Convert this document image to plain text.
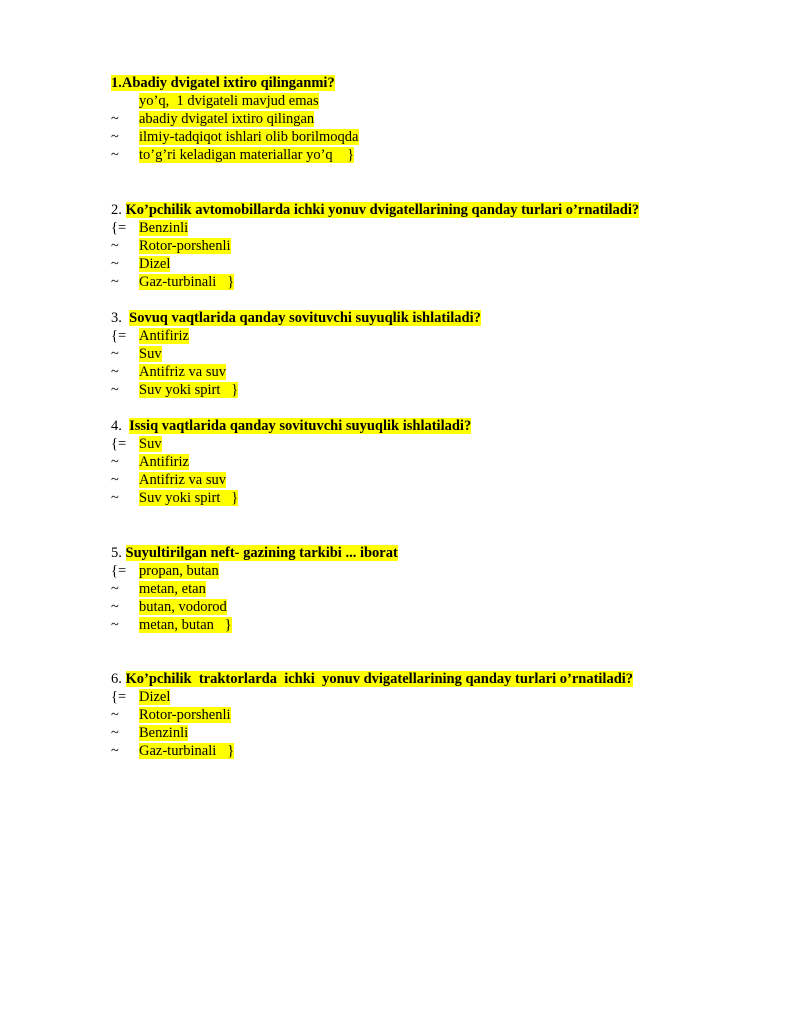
1.Abadiy dvigatel ixtiro qilinganmi?
yo’q,  1 dvigateli mavjud emas
~ abadiy dvigatel ixtiro qilingan
~ ilmiy-tadqiqot ishlari olib borilmoqda
~ to’g’ri keladigan materiallar yo’q    }
2. Ko’pchilik avtomobillarda ichki yonuv dvigatellarining qanday turlari o’rnatiladi?
{= Benzinli
~ Rotor-porshenli
~ Dizel
~ Gaz-turbinali   }
3.  Sovuq vaqtlarida qanday sovituvchi suyuqlik ishlatiladi?
{= Antifiriz
~ Suv
~ Antifriz va suv
~ Suv yoki spirt   }
4.  Issiq vaqtlarida qanday sovituvchi suyuqlik ishlatiladi?
{= Suv
~ Antifiriz
~ Antifriz va suv
~ Suv yoki spirt   }
5. Suyultirilgan neft- gazining tarkibi ... iborat
{= propan, butan
~ metan, etan
~ butan, vodorod
~ metan, butan   }
6. Ko’pchilik  traktorlarda  ichki  yonuv dvigatellarining qanday turlari o’rnatiladi?
{= Dizel
~ Rotor-porshenli
~ Benzinli
~ Gaz-turbinali   }
